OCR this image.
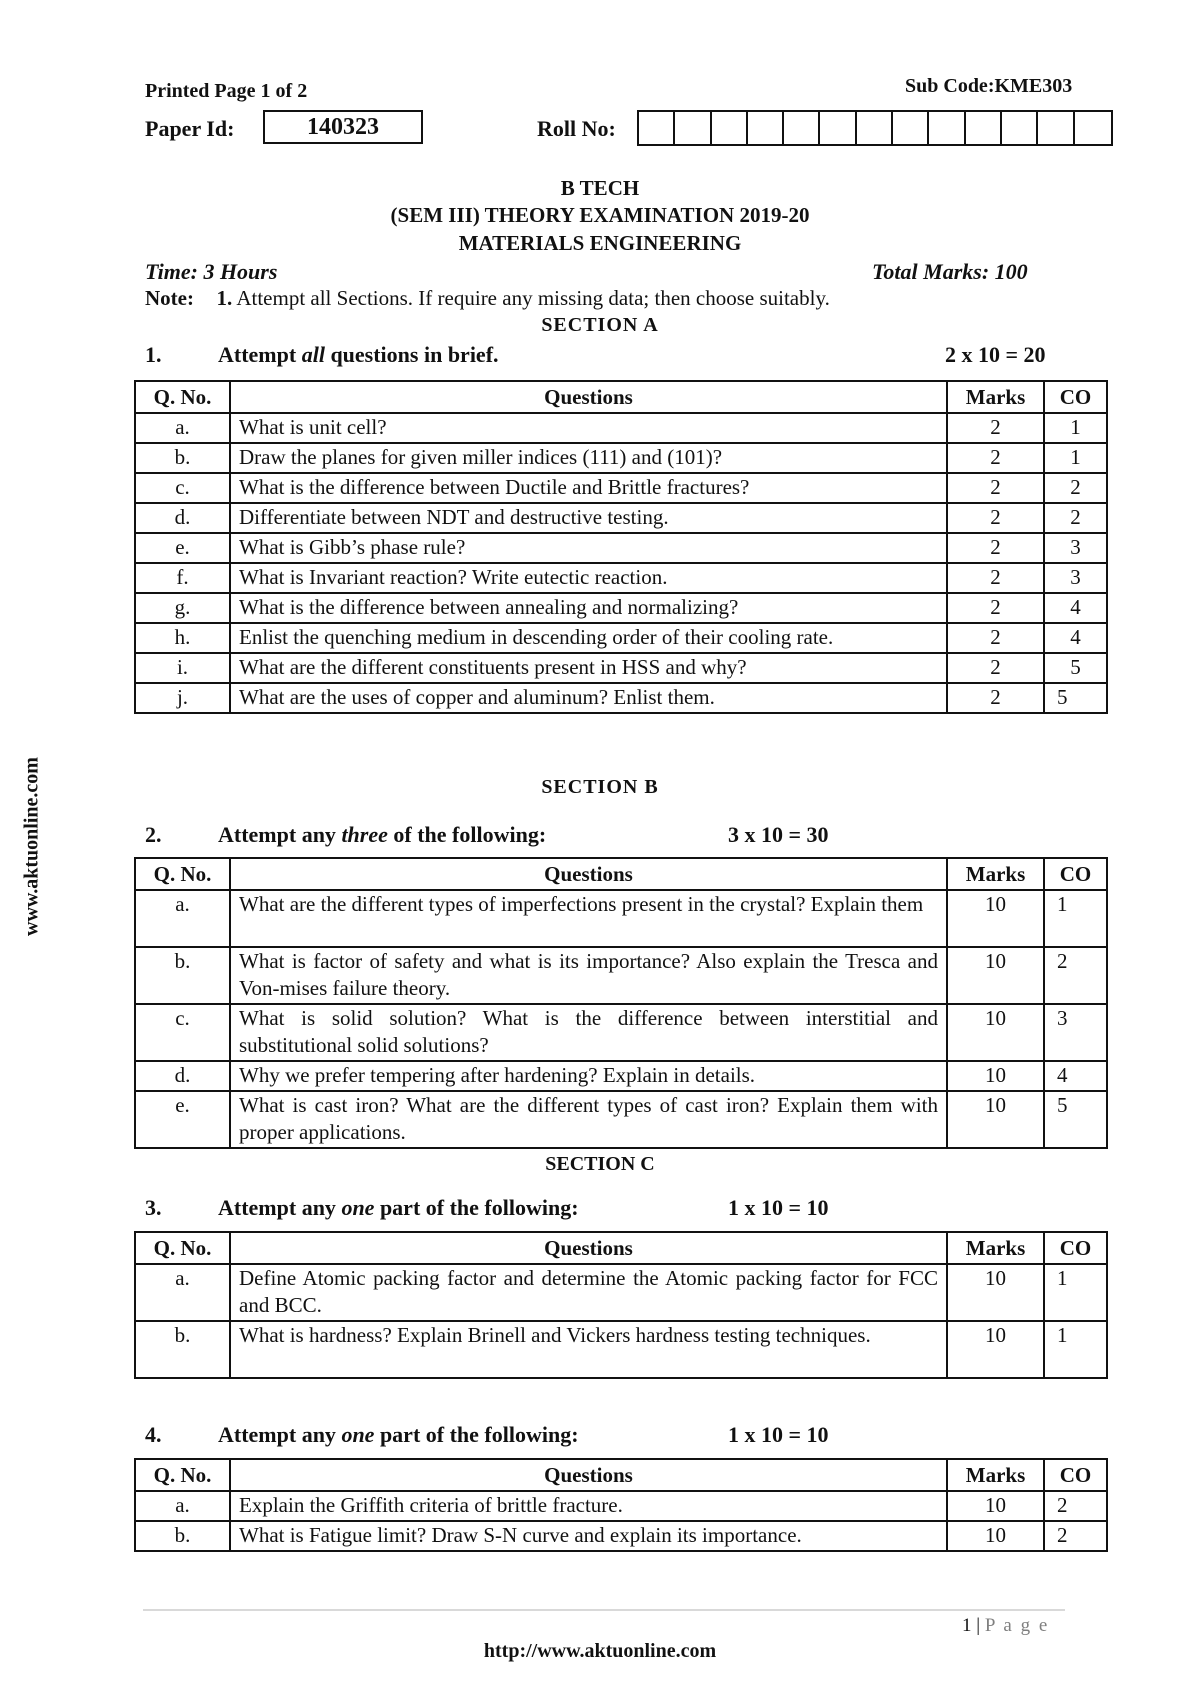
Printed Page 1 of 2	Sub Code:KME303
Paper Id:	140323	Roll No:
B TECH
(SEM III) THEORY EXAMINATION 2019-20
MATERIALS ENGINEERING
Time: 3 Hours	Total Marks: 100
Note: 1. Attempt all Sections. If require any missing data; then choose suitably.
SECTION A
1.	Attempt all questions in brief.	2 x 10 = 20
Q. No.	Questions	Marks	CO
a.	What is unit cell?	2	1
b.	Draw the planes for given miller indices (111) and (101)?	2	1
c.	What is the difference between Ductile and Brittle fractures?	2	2
d.	Differentiate between NDT and destructive testing.	2	2
e.	What is Gibb’s phase rule?	2	3
f.	What is Invariant reaction? Write eutectic reaction.	2	3
g.	What is the difference between annealing and normalizing?	2	4
h.	Enlist the quenching medium in descending order of their cooling rate.	2	4
i.	What are the different constituents present in HSS and why?	2	5
j.	What are the uses of copper and aluminum? Enlist them.	2	5
SECTION B
2.	Attempt any three of the following:	3 x 10 = 30
Q. No.	Questions	Marks	CO
a.	What are the different types of imperfections present in the crystal? Explain them	10	1
b.	What is factor of safety and what is its importance? Also explain the Tresca and Von-mises failure theory.	10	2
c.	What is solid solution? What is the difference between interstitial and substitutional solid solutions?	10	3
d.	Why we prefer tempering after hardening? Explain in details.	10	4
e.	What is cast iron? What are the different types of cast iron? Explain them with proper applications.	10	5
SECTION C
3.	Attempt any one part of the following:	1 x 10 = 10
Q. No.	Questions	Marks	CO
a.	Define Atomic packing factor and determine the Atomic packing factor for FCC and BCC.	10	1
b.	What is hardness? Explain Brinell and Vickers hardness testing techniques.	10	1
4.	Attempt any one part of the following:	1 x 10 = 10
Q. No.	Questions	Marks	CO
a.	Explain the Griffith criteria of brittle fracture.	10	2
b.	What is Fatigue limit? Draw S-N curve and explain its importance.	10	2
www.aktuonline.com
1 | P a g e
http://www.aktuonline.com
